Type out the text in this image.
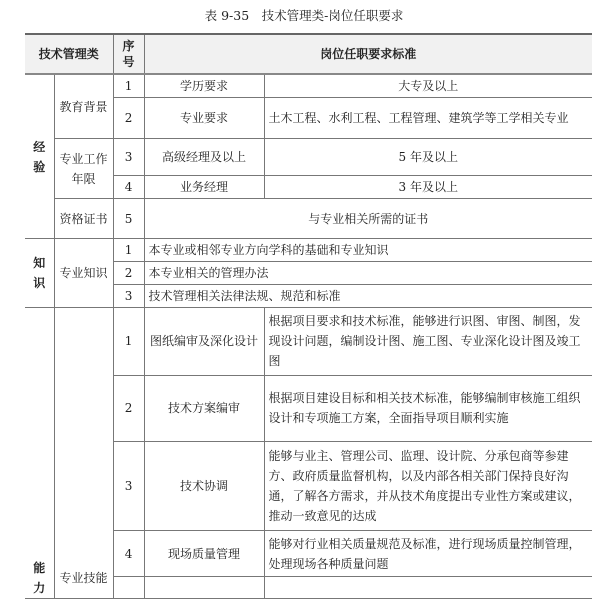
表 9-35　技术管理类-岗位任职要求
技术管理类		序号	岗位任职要求标准	
经验	教育背景	1	学历要求	大专及以上
		2	专业要求	土木工程、水利工程、工程管理、建筑学等工学相关专业
	专业工作年限	3	高级经理及以上	5 年及以上
		4	业务经理	3 年及以上
	资格证书	5	与专业相关所需的证书	
知识	专业知识	1	本专业或相邻专业方向学科的基础和专业知识	
		2	本专业相关的管理办法	
		3	技术管理相关法律法规、规范和标准	
能力	专业技能	1	图纸编审及深化设计	根据项目要求和技术标准，能够进行识图、审图、制图，发现设计问题，编制设计图、施工图、专业深化设计图及竣工图
		2	技术方案编审	根据项目建设目标和相关技术标准，能够编制审核施工组织设计和专项施工方案，全面指导项目顺利实施
		3	技术协调	能够与业主、管理公司、监理、设计院、分承包商等参建方、政府质量监督机构，以及内部各相关部门保持良好沟通，了解各方需求，并从技术角度提出专业性方案或建议，推动一致意见的达成
		4	现场质量管理	能够对行业相关质量规范及标准，进行现场质量控制管理，处理现场各种质量问题
